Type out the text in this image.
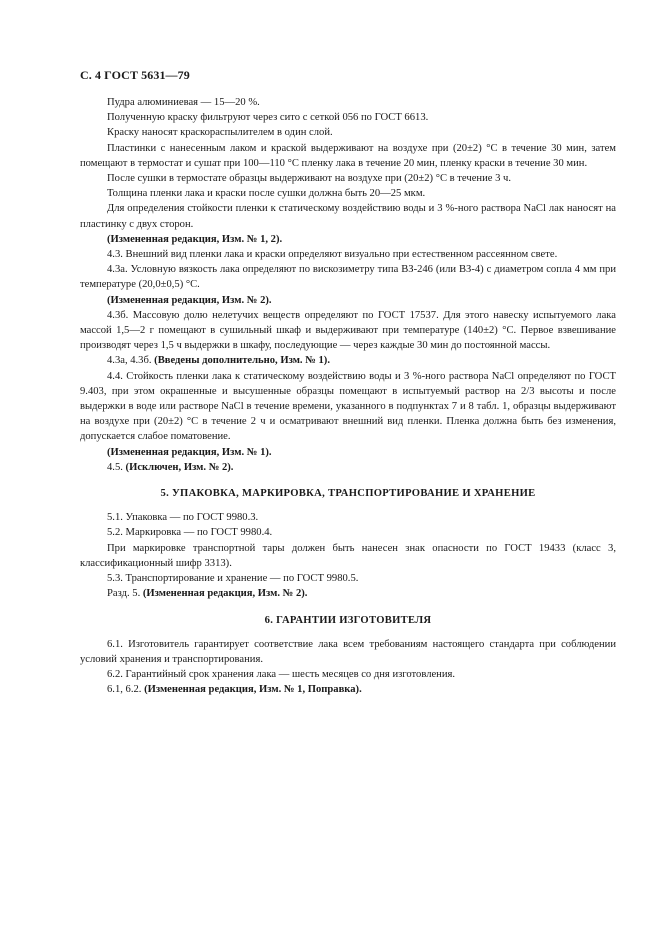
С. 4 ГОСТ 5631—79

Пудра алюминиевая — 15—20 %.

Полученную краску фильтруют через сито с сеткой 056 по ГОСТ 6613.

Краску наносят краскораспылителем в один слой.

Пластинки с нанесенным лаком и краской выдерживают на воздухе при (20±2) °С в течение 30 мин, затем помещают в термостат и сушат при 100—110 °С пленку лака в течение 20 мин, пленку краски в течение 30 мин.

После сушки в термостате образцы выдерживают на воздухе при (20±2) °С в течение 3 ч.

Толщина пленки лака и краски после сушки должна быть 20—25 мкм.

Для определения стойкости пленки к статическому воздействию воды и 3 %-ного раствора NaCl лак наносят на пластинку с двух сторон.

(Измененная редакция, Изм. № 1, 2).

4.3. Внешний вид пленки лака и краски определяют визуально при естественном рассеянном свете.

4.3а. Условную вязкость лака определяют по вискозиметру типа ВЗ-246 (или ВЗ-4) с диаметром сопла 4 мм при температуре (20,0±0,5) °С.

(Измененная редакция, Изм. № 2).

4.3б. Массовую долю нелетучих веществ определяют по ГОСТ 17537. Для этого навеску испытуемого лака массой 1,5—2 г помещают в сушильный шкаф и выдерживают при температуре (140±2) °С. Первое взвешивание производят через 1,5 ч выдержки в шкафу, последующие — через каждые 30 мин до постоянной массы.

4.3а, 4.3б. (Введены дополнительно, Изм. № 1).

4.4. Стойкость пленки лака к статическому воздействию воды и 3 %-ного раствора NaCl определяют по ГОСТ 9.403, при этом окрашенные и высушенные образцы помещают в испытуемый раствор на 2/3 высоты и после выдержки в воде или растворе NaCl в течение времени, указанного в подпунктах 7 и 8 табл. 1, образцы выдерживают на воздухе при (20±2) °С в течение 2 ч и осматривают внешний вид пленки. Пленка должна быть без изменения, допускается слабое поматовение.

(Измененная редакция, Изм. № 1).

4.5. (Исключен, Изм. № 2).

5. УПАКОВКА, МАРКИРОВКА, ТРАНСПОРТИРОВАНИЕ И ХРАНЕНИЕ

5.1. Упаковка — по ГОСТ 9980.3.

5.2. Маркировка — по ГОСТ 9980.4.

При маркировке транспортной тары должен быть нанесен знак опасности по ГОСТ 19433 (класс 3, классификационный шифр 3313).

5.3. Транспортирование и хранение — по ГОСТ 9980.5.

Разд. 5. (Измененная редакция, Изм. № 2).

6. ГАРАНТИИ ИЗГОТОВИТЕЛЯ

6.1. Изготовитель гарантирует соответствие лака всем требованиям настоящего стандарта при соблюдении условий хранения и транспортирования.

6.2. Гарантийный срок хранения лака — шесть месяцев со дня изготовления.

6.1, 6.2. (Измененная редакция, Изм. № 1, Поправка).
